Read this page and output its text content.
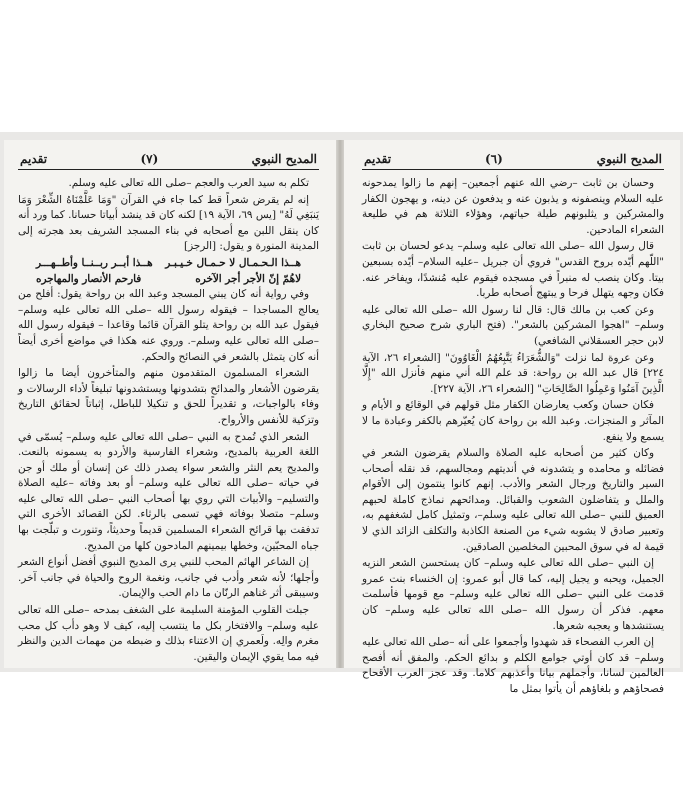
المديح النبوي
(٧)
تقديم

تكلم به سيد العرب والعجم –صلى الله تعالى عليه وسلم.

إنه لم يقرض شعراً قط كما جاء في القرآن "وَمَا عَلَّمْنَاهُ الشِّعْرَ وَمَا يَنبَغِي لَهُ" [يس ٦٩، الآية ١٩] لكنه كان قد ينشد أبياتا حسانا. كما ورد أنه كان ينقل اللبن مع أصحابه في بناء المسجد الشريف بعد هجرته إلى المدينة المنورة و يقول: [الرجز]

هــذا الـحـمـال لا حـمـال خـيـبـر
هــذا أبــر ربــنــا وأطــهـــر
لاهُمّ إنّ الأجر أجر الآخره
فارحم الأنصار والمهاجره

وفي رواية أنه كان يبني المسجد وعبد الله بن رواحة يقول: أفلح من يعالج المساجدا – فيقوله رسول الله –صلى الله تعالى عليه وسلم– فيقول عبد الله بن رواحة يتلو القرآن قائما وقاعدا – فيقوله رسول الله –صلى الله تعالى عليه وسلم–. وروي عنه هكذا في مواضع أخرى أيضاً أنه كان يتمثل بالشعر في النصائح والحكم.

الشعراء المسلمون المتقدمون منهم والمتأخرون أيضا ما زالوا يقرضون الأشعار والمدائح بتشدونها ويستشدونها تبليغاً لأداء الرسالات و وفاء بالواجبات، و تقديراً للحق و تنكيلا للباطل، إثباتاً لحقائق التاريخ وتزكية للأنفس والأرواح.

الشعر الذي تُمدح به النبي –صلى الله تعالى عليه وسلم– يُسمّى في اللغة العربية بالمديح، وشعراء الفارسية والأردو به يسمونه بالنعت. والمديح يعم النثر والشعر سواء يصدر ذلك عن إنسان أو ملك أو جن في حياته –صلى الله تعالى عليه وسلم– أو بعد وفاته –عليه الصلاة والتسليم– والأبيات التي روي بها أصحاب النبي –صلى الله تعالى عليه وسلم– متصلا بوفاته فهي تسمى بالرثاء. لكن القصائد الأخرى التي تدفقت بها قرائح الشعراء المسلمين قديماً وحديثاً، وتنورت و تبلّجت بها جباه المحبّين، وخطها بيمينهم المادحون كلها من المديح.

إن الشاعر الهائم المحب للنبي يرى المديح النبوي أفضل أنواع الشعر وأجلها؛ لأنه شعر وأدب في جانب، ونغمة الروح والحياة في جانب آخر. وسيبقى أثر غناهم الرنّان ما دام الحب والإيمان.

جبلت القلوب المؤمنة السليمة على الشغف بمدحه –صلى الله تعالى عليه وسلم– والافتخار بكل ما ينتسب إليه، كيف لا وهو دأب كل محب مغرم والِه. ولَعمري إن الاعتناء بذلك و ضبطه من مهمات الدين والنظر فيه مما يقوي الإيمان واليقين.

المديح النبوي
(٦)
تقديم

وحسان بن ثابت –رضي الله عنهم أجمعين– إنهم ما زالوا يمدحونه عليه السلام وينصفونه و يذبون عنه و يدفعون عن دينه، و يهجون الكفار والمشركين و يثلبونهم طيلة حياتهم، وهؤلاء الثلاثة هم في طليعة الشعراء المادحين.

قال رسول الله –صلى الله تعالى عليه وسلم– يدعو لحسان بن ثابت "اللّهم أيّده بروح القدس" فروي أن جبريل –عليه السلام– أيّده بسبعين بيتا. وكان ينصب له منبراً في مسجده فيقوم عليه مُنشدًا، ويفاخر عنه. فكان وجهه يتهلل فرحا و يبتهج أصحابه طربا.

وعن كعب بن مالك قال: قال لنا رسول الله –صلى الله تعالى عليه وسلم– "اهجوا المشركين بالشعر". (فتح الباري شرح صحيح البخاري لابن حجر العسقلاني الشافعي)

وعن عروة لما نزلت "وَالشُّعَرَاءُ يَتَّبِعُهُمُ الْغَاوُونَ" [الشعراء ٢٦، الآية ٢٢٤] قال عبد الله بن رواحة: قد علم الله أني منهم فأنزل الله "إِلَّا الَّذِينَ آمَنُوا وَعَمِلُوا الصَّالِحَاتِ" [الشعراء ٢٦، الآية ٢٢٧].

فكان حسان وكعب يعارضان الكفار مثل قولهم في الوقائع و الأيام و المآثر و المنجزات. وعبد الله بن رواحة كان يُعيّرهم بالكفر وعبادة ما لا يسمع ولا ينفع.

وكان كثير من أصحابه عليه الصلاة والسلام يقرضون الشعر في فضائله و محامده و يتشدونه في أنديتهم ومجالسهم، قد نقله أصحاب السير والتاريخ ورجال الشعر والأدب. إنهم كانوا ينتمون إلى الأقوام والملل و يتفاضلون الشعوب والقبائل. ومدائحهم نماذج كاملة لحبهم العميق للنبي –صلى الله تعالى عليه وسلم–، وتمثيل كامل لشغفهم به، وتعبير صادق لا يشوبه شيء من الصنعة الكاذبة والتكلف الزائد الذي لا قيمة له في سوق المحبين المخلصين الصادقين.

إن النبي –صلى الله تعالى عليه وسلم– كان يستحسن الشعر النزيه الجميل، ويحبه و يجيل إليه، كما قال أبو عمرو: إن الخنساء بنت عمرو قدمت على النبي –صلى الله تعالى عليه وسلم– مع قومها فأسلمت معهم. فذكر أن رسول الله –صلى الله تعالى عليه وسلم– كان يستنشدها و يعجبه شعرها.

إن العرب الفصحاء قد شهدوا وأجمعوا على أنه –صلى الله تعالى عليه وسلم– قد كان أوتي جوامع الكلم و بدائع الحكم. والمفق أنه أفصح العالمين لسانا، وأجملهم بيانا وأعذبهم كلاما. وقد عجز العرب الأقحاح فصحاؤهم و بلغاؤهم أن يأتوا بمثل ما
